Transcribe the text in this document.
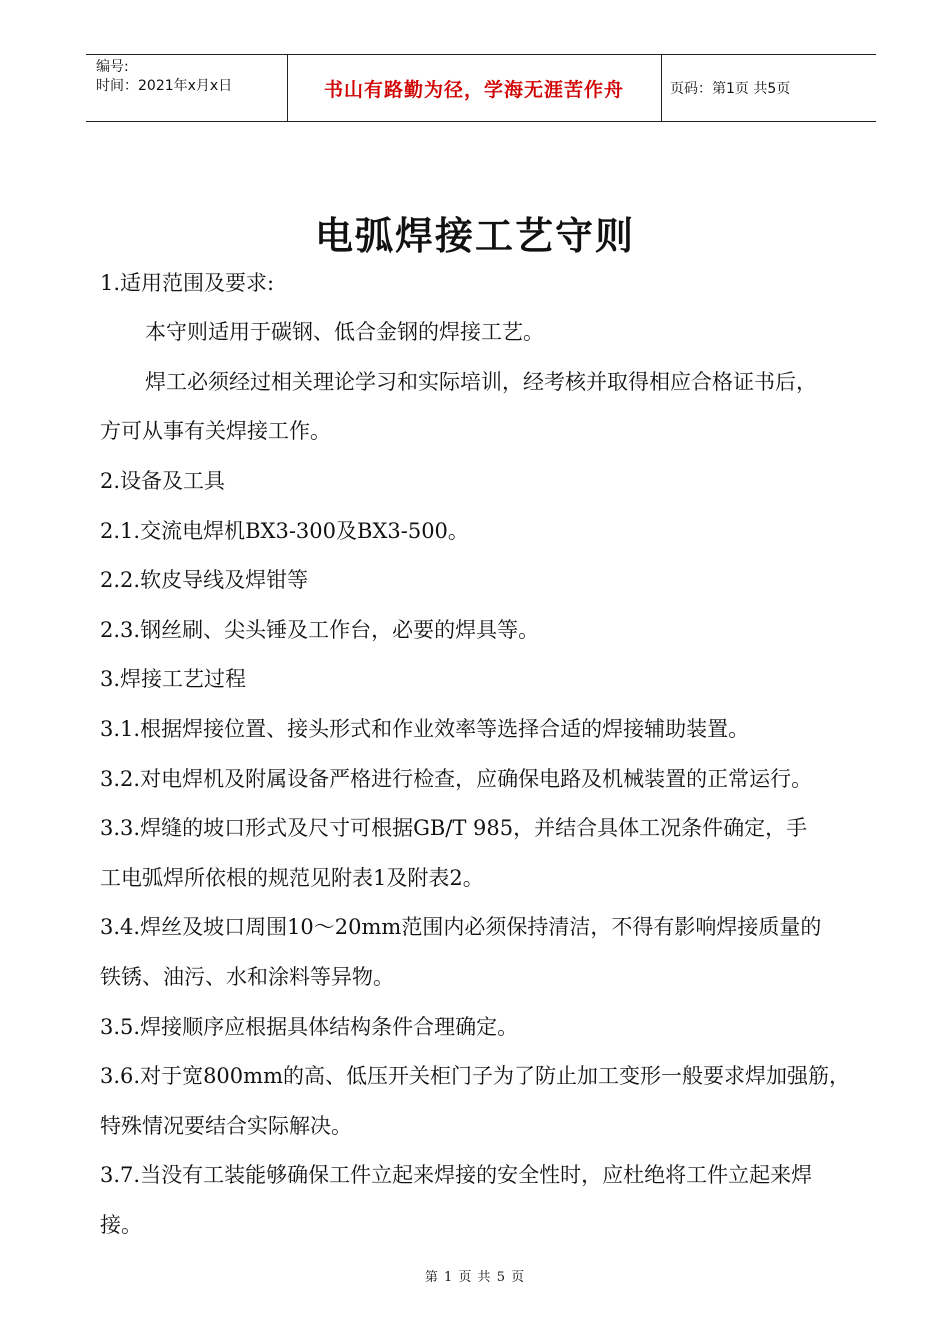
编号:
时间：2021年x月x日	书山有路勤为径，学海无涯苦作舟	页码：第1页 共5页
电弧焊接工艺守则

1.适用范围及要求:

本守则适用于碳钢、低合金钢的焊接工艺。

焊工必须经过相关理论学习和实际培训，经考核并取得相应合格证书后，

方可从事有关焊接工作。

2.设备及工具

2.1.交流电焊机BX3-300及BX3-500。

2.2.软皮导线及焊钳等

2.3.钢丝刷、尖头锤及工作台，必要的焊具等。

3.焊接工艺过程

3.1.根据焊接位置、接头形式和作业效率等选择合适的焊接辅助装置。

3.2.对电焊机及附属设备严格进行检查，应确保电路及机械装置的正常运行。

3.3.焊缝的坡口形式及尺寸可根据GB/T 985，并结合具体工况条件确定，手

工电弧焊所依根的规范见附表1及附表2。

3.4.焊丝及坡口周围10～20mm范围内必须保持清洁，不得有影响焊接质量的

铁锈、油污、水和涂料等异物。

3.5.焊接顺序应根据具体结构条件合理确定。

3.6.对于宽800mm的高、低压开关柜门子为了防止加工变形一般要求焊加强筋，

特殊情况要结合实际解决。

3.7.当没有工装能够确保工件立起来焊接的安全性时，应杜绝将工件立起来焊

接。

第 1 页 共 5 页
